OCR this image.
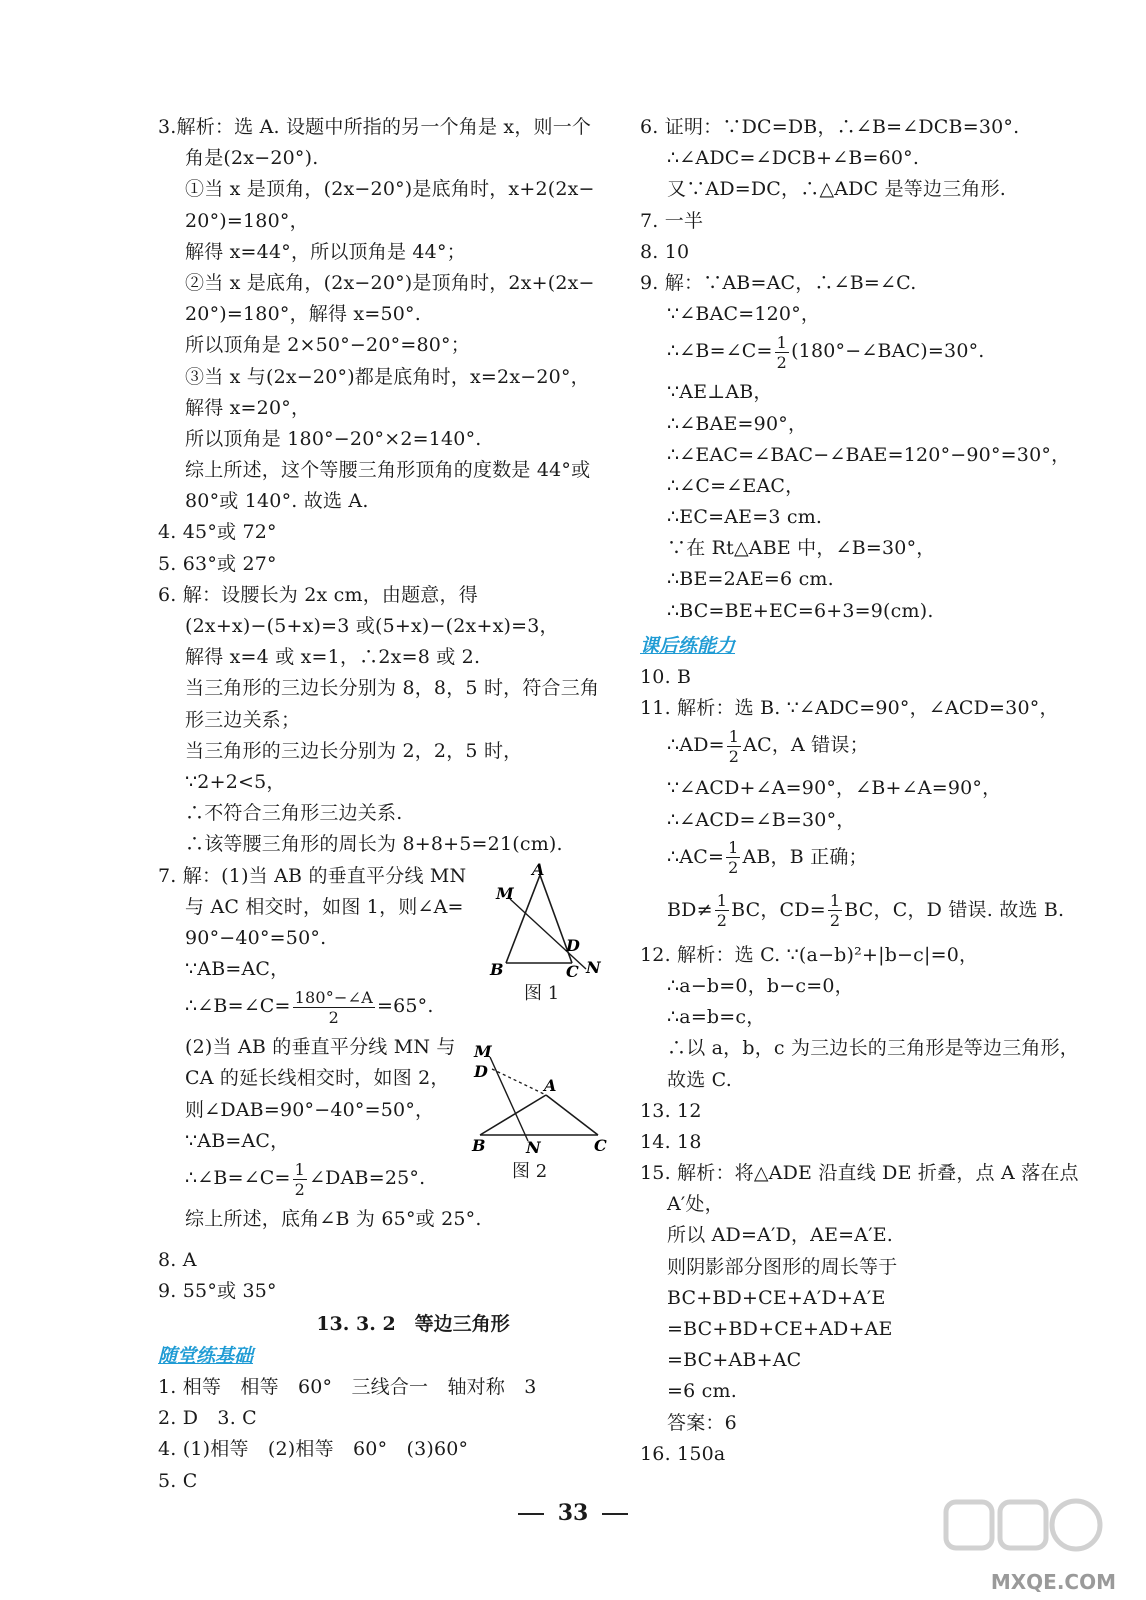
3.解析：选 A. 设题中所指的另一个角是 x，则一个
角是(2x−20°).
①当 x 是顶角，(2x−20°)是底角时，x+2(2x−
20°)=180°，
解得 x=44°，所以顶角是 44°；
②当 x 是底角，(2x−20°)是顶角时，2x+(2x−
20°)=180°，解得 x=50°.
所以顶角是 2×50°−20°=80°；
③当 x 与(2x−20°)都是底角时，x=2x−20°，
解得 x=20°，
所以顶角是 180°−20°×2=140°.
综上所述，这个等腰三角形顶角的度数是 44°或
80°或 140°. 故选 A.
4. 45°或 72°
5. 63°或 27°
6. 解：设腰长为 2x cm，由题意，得
(2x+x)−(5+x)=3 或(5+x)−(2x+x)=3，
解得 x=4 或 x=1，∴2x=8 或 2.
当三角形的三边长分别为 8，8，5 时，符合三角
形三边关系；
当三角形的三边长分别为 2，2，5 时，
∵2+2<5，
∴不符合三角形三边关系.
∴该等腰三角形的周长为 8+8+5=21(cm).
7. 解：(1)当 AB 的垂直平分线 MN
与 AC 相交时，如图 1，则∠A=
90°−40°=50°.
∵AB=AC，
∴∠B=∠C= $\frac{180^\circ-\angle A}{2} =65^\circ$.
(2)当 AB 的垂直平分线 MN 与
CA 的延长线相交时，如图 2，
则∠DAB=90°−40°=50°，
∵AB=AC，
∴∠B=∠C= $\frac{1}{2}$ ∠DAB=25°.
综上所述，底角∠B 为 65°或 25°.
A
M
D
B	C N
图 1
M
D
A
B	N	C
图 2
8. A
9. 55°或 35°
13. 3. 2　等边三角形
随堂练基础
1. 相等　相等　60°　三线合一　轴对称　3
2. D　3. C
4. (1)相等　(2)相等　60°　(3)60°
5. C
6. 证明：∵DC=DB，∴∠B=∠DCB=30°.
∴∠ADC=∠DCB+∠B=60°.
又∵AD=DC，∴△ADC 是等边三角形.
7. 一半
8. 10
9. 解：∵AB=AC，∴∠B=∠C.
∵∠BAC=120°，
∴∠B=∠C= $\frac{1}{2}$ (180°−∠BAC)=30°.
∵AE⊥AB，
∴∠BAE=90°，
∴∠EAC=∠BAC−∠BAE=120°−90°=30°，
∴∠C=∠EAC，
∴EC=AE=3 cm.
∵在 Rt△ABE 中，∠B=30°，
∴BE=2AE=6 cm.
∴BC=BE+EC=6+3=9(cm).
课后练能力
10. B
11. 解析：选 B. ∵∠ADC=90°，∠ACD=30°，
∴AD= $\frac{1}{2}$ AC，A 错误；
∵∠ACD+∠A=90°，∠B+∠A=90°，
∴∠ACD=∠B=30°，
∴AC= $\frac{1}{2}$ AB，B 正确；
$BD\ne \frac{1}{2}$ BC，$CD= \frac{1}{2}$ BC，C，D 错误. 故选 B.
12. 解析：选 C. ∵(a−b)²+|b−c|=0，
∴a−b=0，b−c=0，
∴a=b=c，
∴以 a，b，c 为三边长的三角形是等边三角形，
故选 C.
13. 12
14. 18
15. 解析：将△ADE 沿直线 DE 折叠，点 A 落在点
A′处，
所以 AD=A′D，AE=A′E.
则阴影部分图形的周长等于
BC+BD+CE+A′D+A′E
=BC+BD+CE+AD+AE
=BC+AB+AC
=6 cm.
答案：6
16. 150a
33
MXQE.COM
